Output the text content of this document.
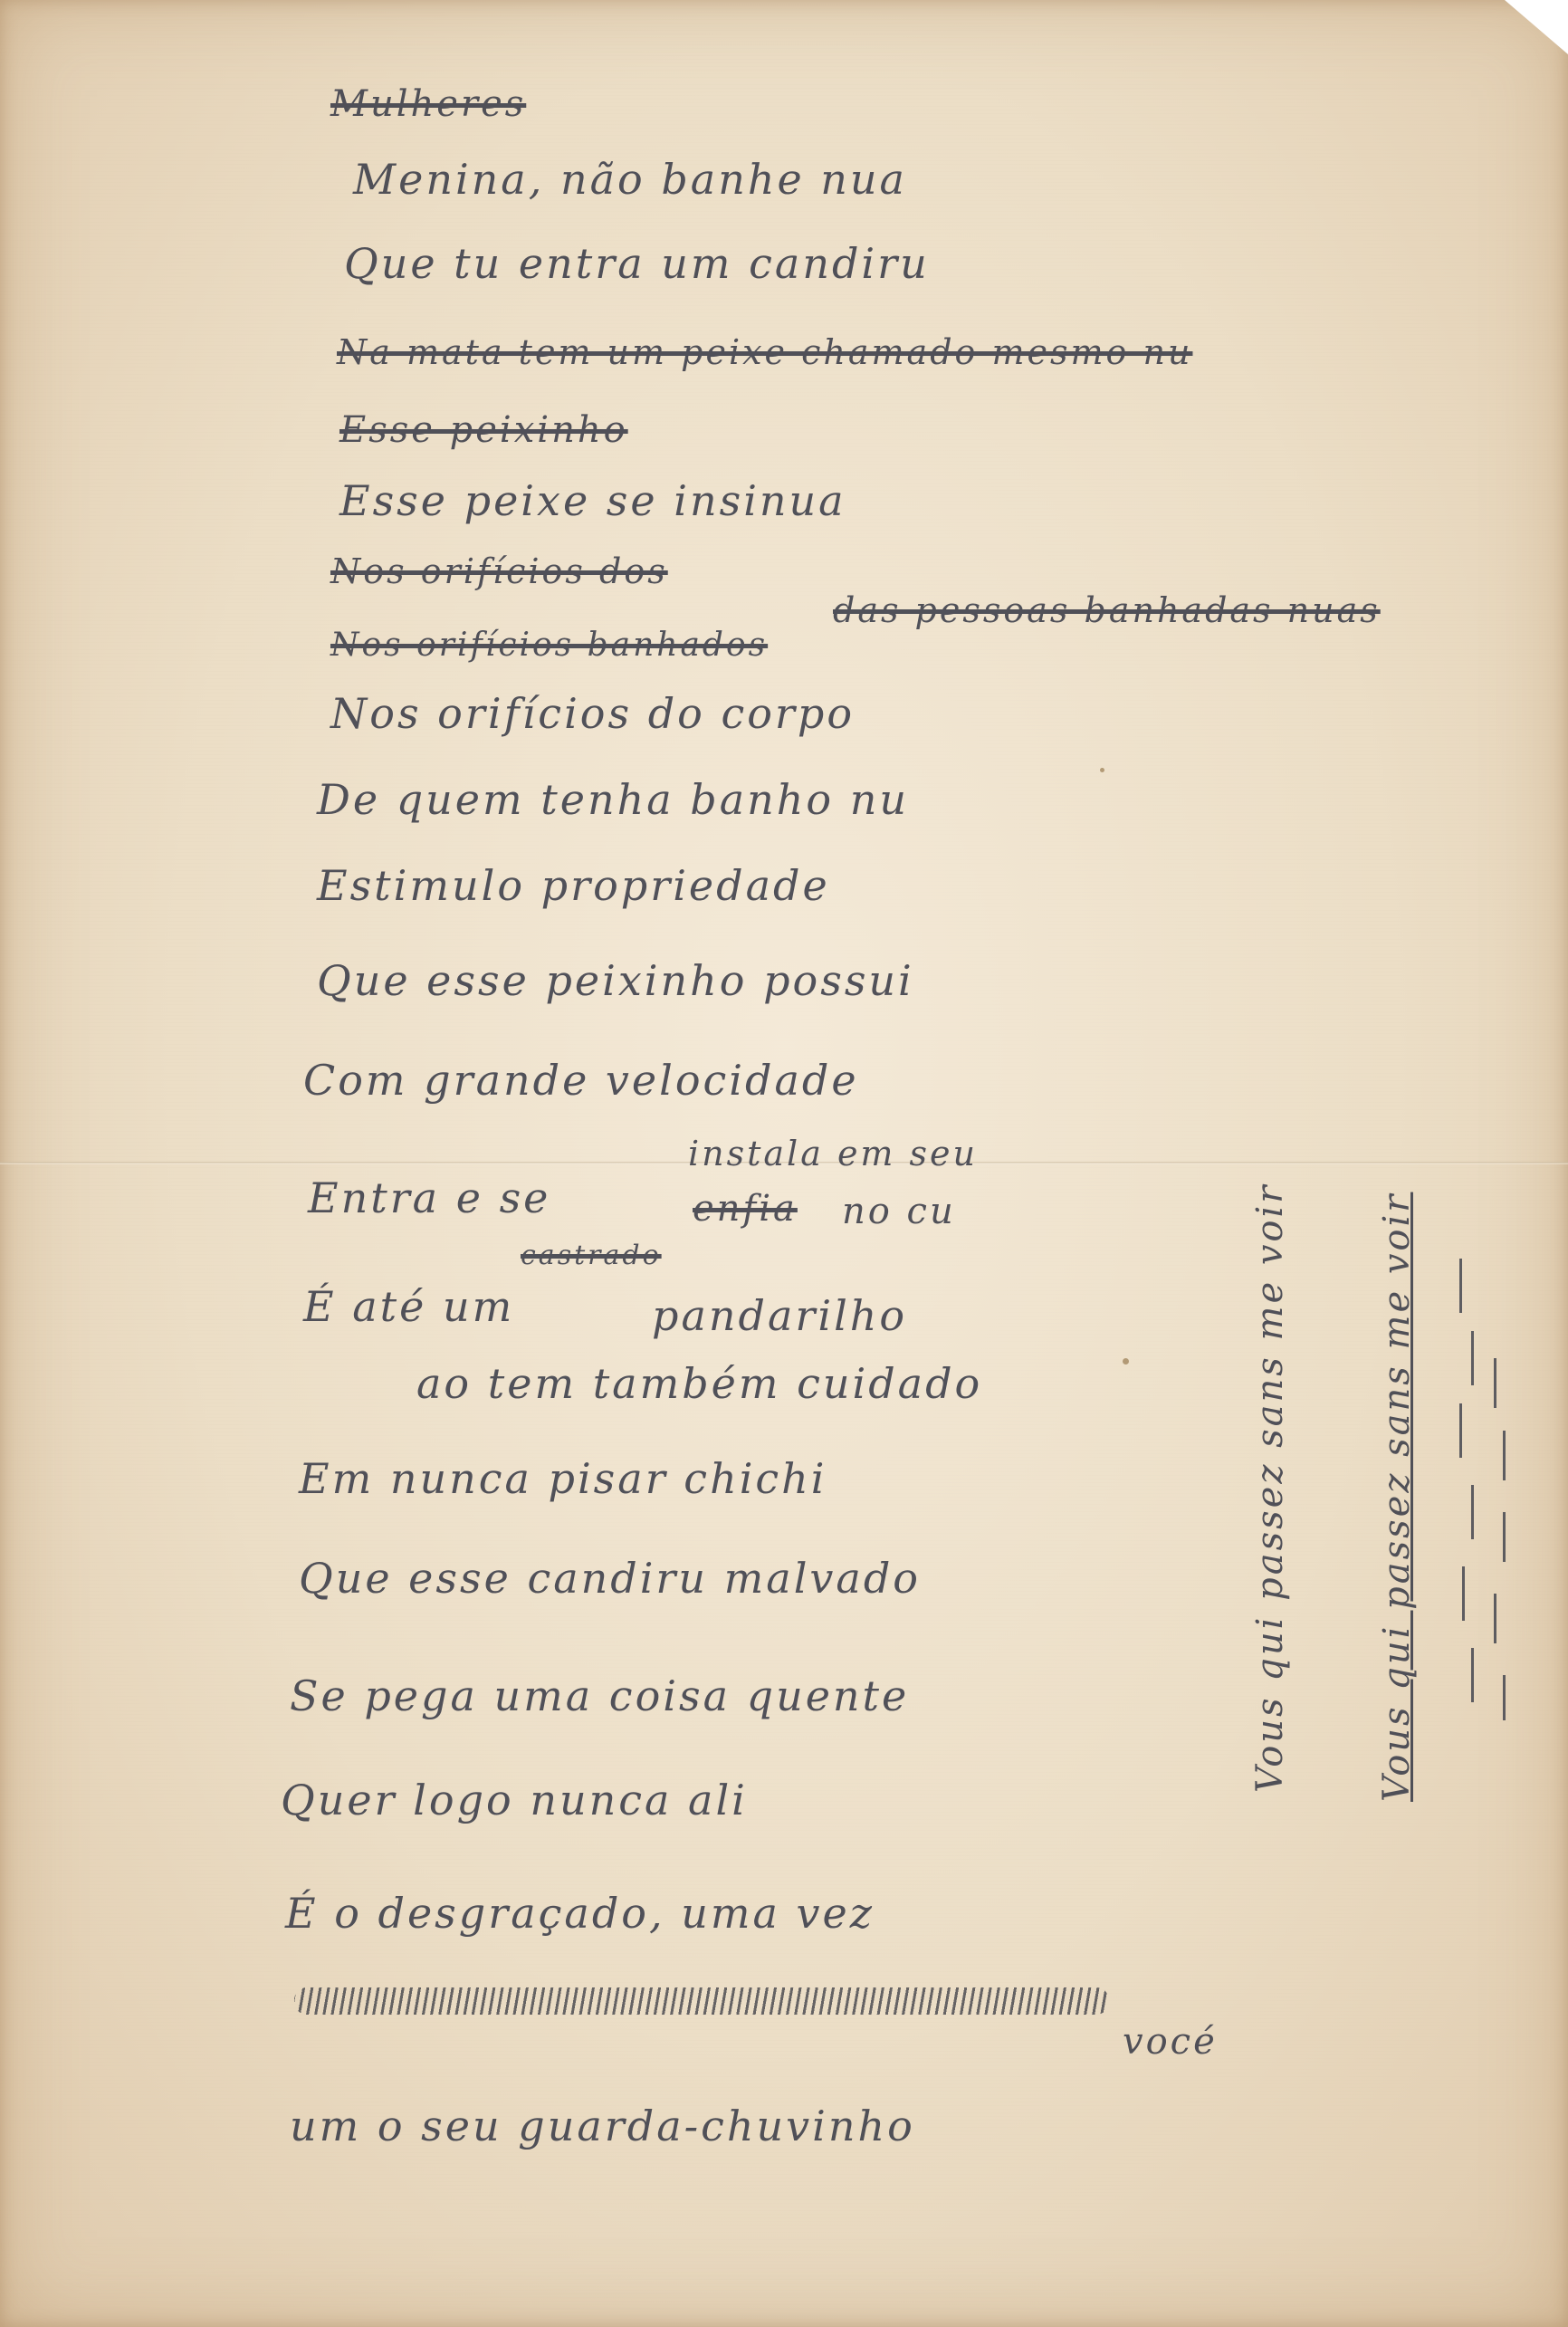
Mulheres
Menina, não banhe nua
Que tu entra um candiru
Na mata tem um peixe chamado mesmo nu
Esse peixinho
Esse peixe se insinua
Nos orifícios dos
das pessoas banhadas nuas
Nos orifícios banhados
Nos orifícios do corpo
De quem tenha banho nu
Estimulo propriedade
Que esse peixinho possui
Com grande velocidade
instala em seu
Entra e se	enfia no cu
castrado
É até um	pandarilho
ao tem também cuidado
Em nunca pisar chichi
Que esse candiru malvado
Se pega uma coisa quente
Quer logo nunca ali
É o desgraçado, uma vez
vocé
um o seu guarda-chuvinho
Vous qui passez sans me voir Vous qui passez sans me voir
